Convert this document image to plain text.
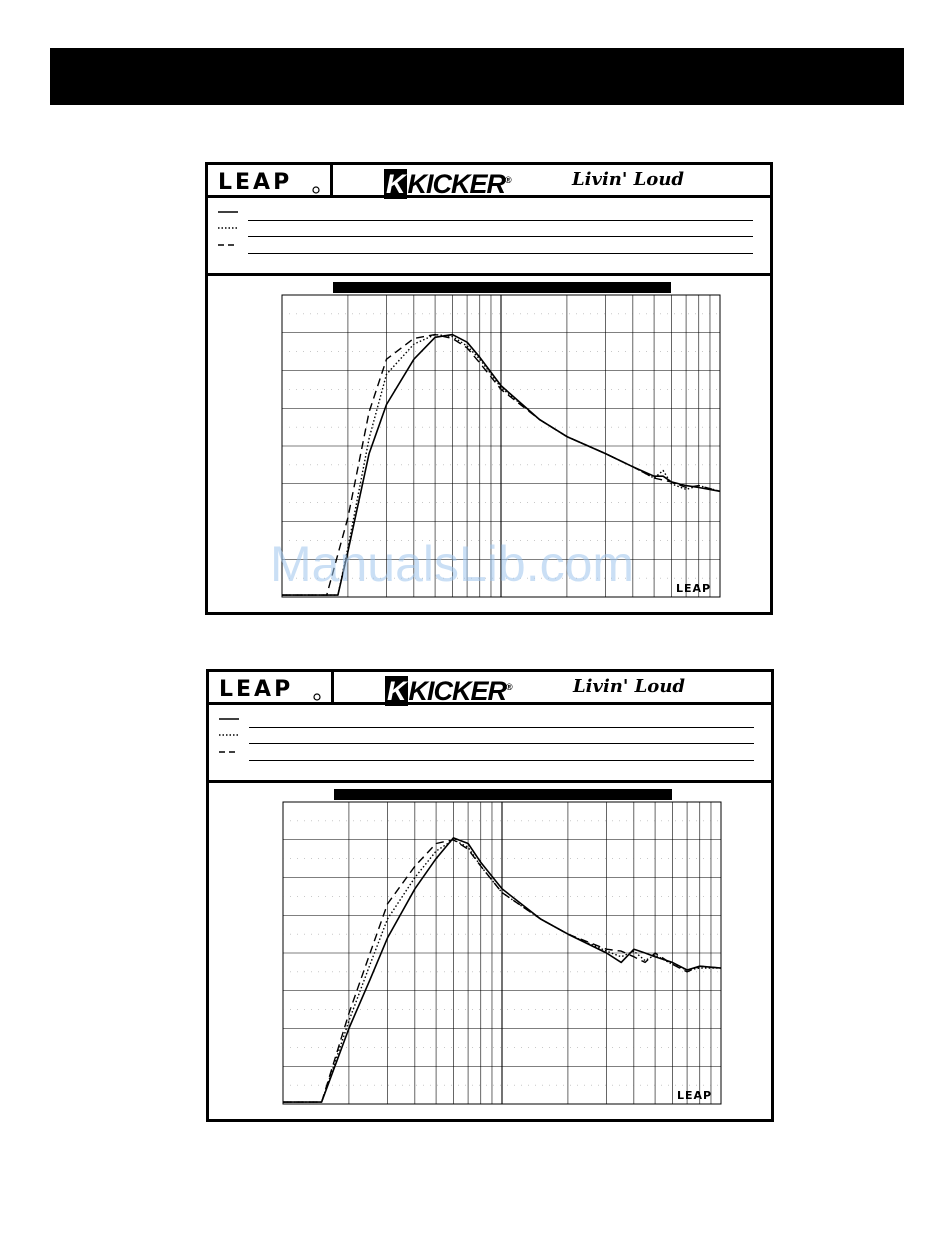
LEAP	K KICKER®	Livin' Loud
LEAP
LEAP	K KICKER®	Livin' Loud
LEAP
ManualsLib.com
